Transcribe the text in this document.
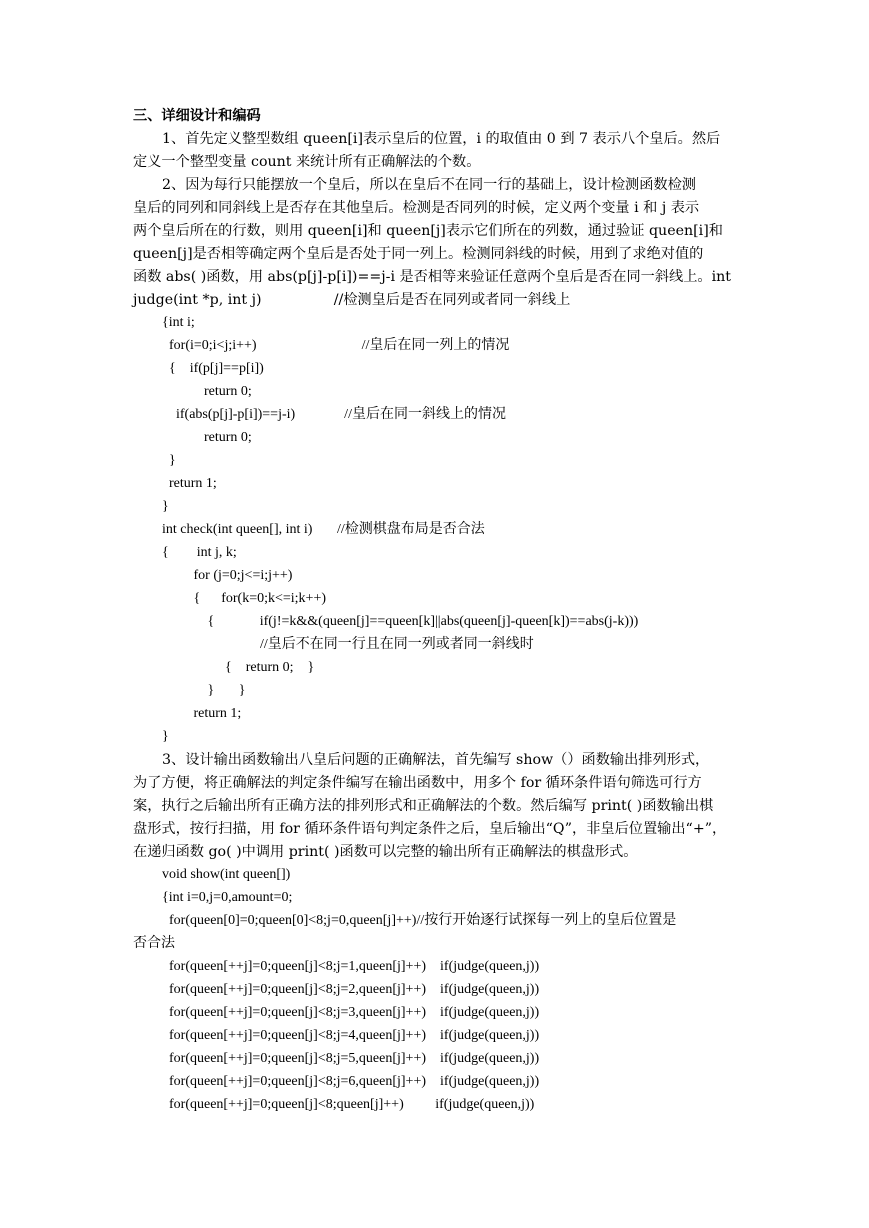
三、详细设计和编码
1、首先定义整型数组 queen[i]表示皇后的位置，i 的取值由 0 到 7 表示八个皇后。然后
定义一个整型变量 count 来统计所有正确解法的个数。
2、因为每行只能摆放一个皇后，所以在皇后不在同一行的基础上，设计检测函数检测
皇后的同列和同斜线上是否存在其他皇后。检测是否同列的时候，定义两个变量 i 和 j 表示
两个皇后所在的行数，则用 queen[i]和 queen[j]表示它们所在的列数，通过验证 queen[i]和
queen[j]是否相等确定两个皇后是否处于同一列上。检测同斜线的时候，用到了求绝对值的
函数 abs( )函数，用 abs(p[j]-p[i])==j-i 是否相等来验证任意两个皇后是否在同一斜线上。int
judge(int *p, int j)                //检测皇后是否在同列或者同一斜线上
{int i;
for(i=0;i<j;i++)                              //皇后在同一列上的情况
{    if(p[j]==p[i])
return 0;
if(abs(p[j]-p[i])==j-i)              //皇后在同一斜线上的情况
return 0;
}
return 1;
}
int check(int queen[], int i)       //检测棋盘布局是否合法
{        int j, k;
for (j=0;j<=i;j++)
{      for(k=0;k<=i;k++)
{             if(j!=k&&(queen[j]==queen[k]||abs(queen[j]-queen[k])==abs(j-k)))
//皇后不在同一行且在同一列或者同一斜线时
{    return 0;    }
}       }
return 1;
}
3、设计输出函数输出八皇后问题的正确解法，首先编写 show（）函数输出排列形式，
为了方便，将正确解法的判定条件编写在输出函数中，用多个 for 循环条件语句筛选可行方
案，执行之后输出所有正确方法的排列形式和正确解法的个数。然后编写 print( )函数输出棋
盘形式，按行扫描，用 for 循环条件语句判定条件之后，皇后输出“Q”，非皇后位置输出“+”，
在递归函数 go( )中调用 print( )函数可以完整的输出所有正确解法的棋盘形式。
void show(int queen[])
{int i=0,j=0,amount=0;
for(queen[0]=0;queen[0]<8;j=0,queen[j]++)//按行开始逐行试探每一列上的皇后位置是
否合法
for(queen[++j]=0;queen[j]<8;j=1,queen[j]++)    if(judge(queen,j))
for(queen[++j]=0;queen[j]<8;j=2,queen[j]++)    if(judge(queen,j))
for(queen[++j]=0;queen[j]<8;j=3,queen[j]++)    if(judge(queen,j))
for(queen[++j]=0;queen[j]<8;j=4,queen[j]++)    if(judge(queen,j))
for(queen[++j]=0;queen[j]<8;j=5,queen[j]++)    if(judge(queen,j))
for(queen[++j]=0;queen[j]<8;j=6,queen[j]++)    if(judge(queen,j))
for(queen[++j]=0;queen[j]<8;queen[j]++)         if(judge(queen,j))
